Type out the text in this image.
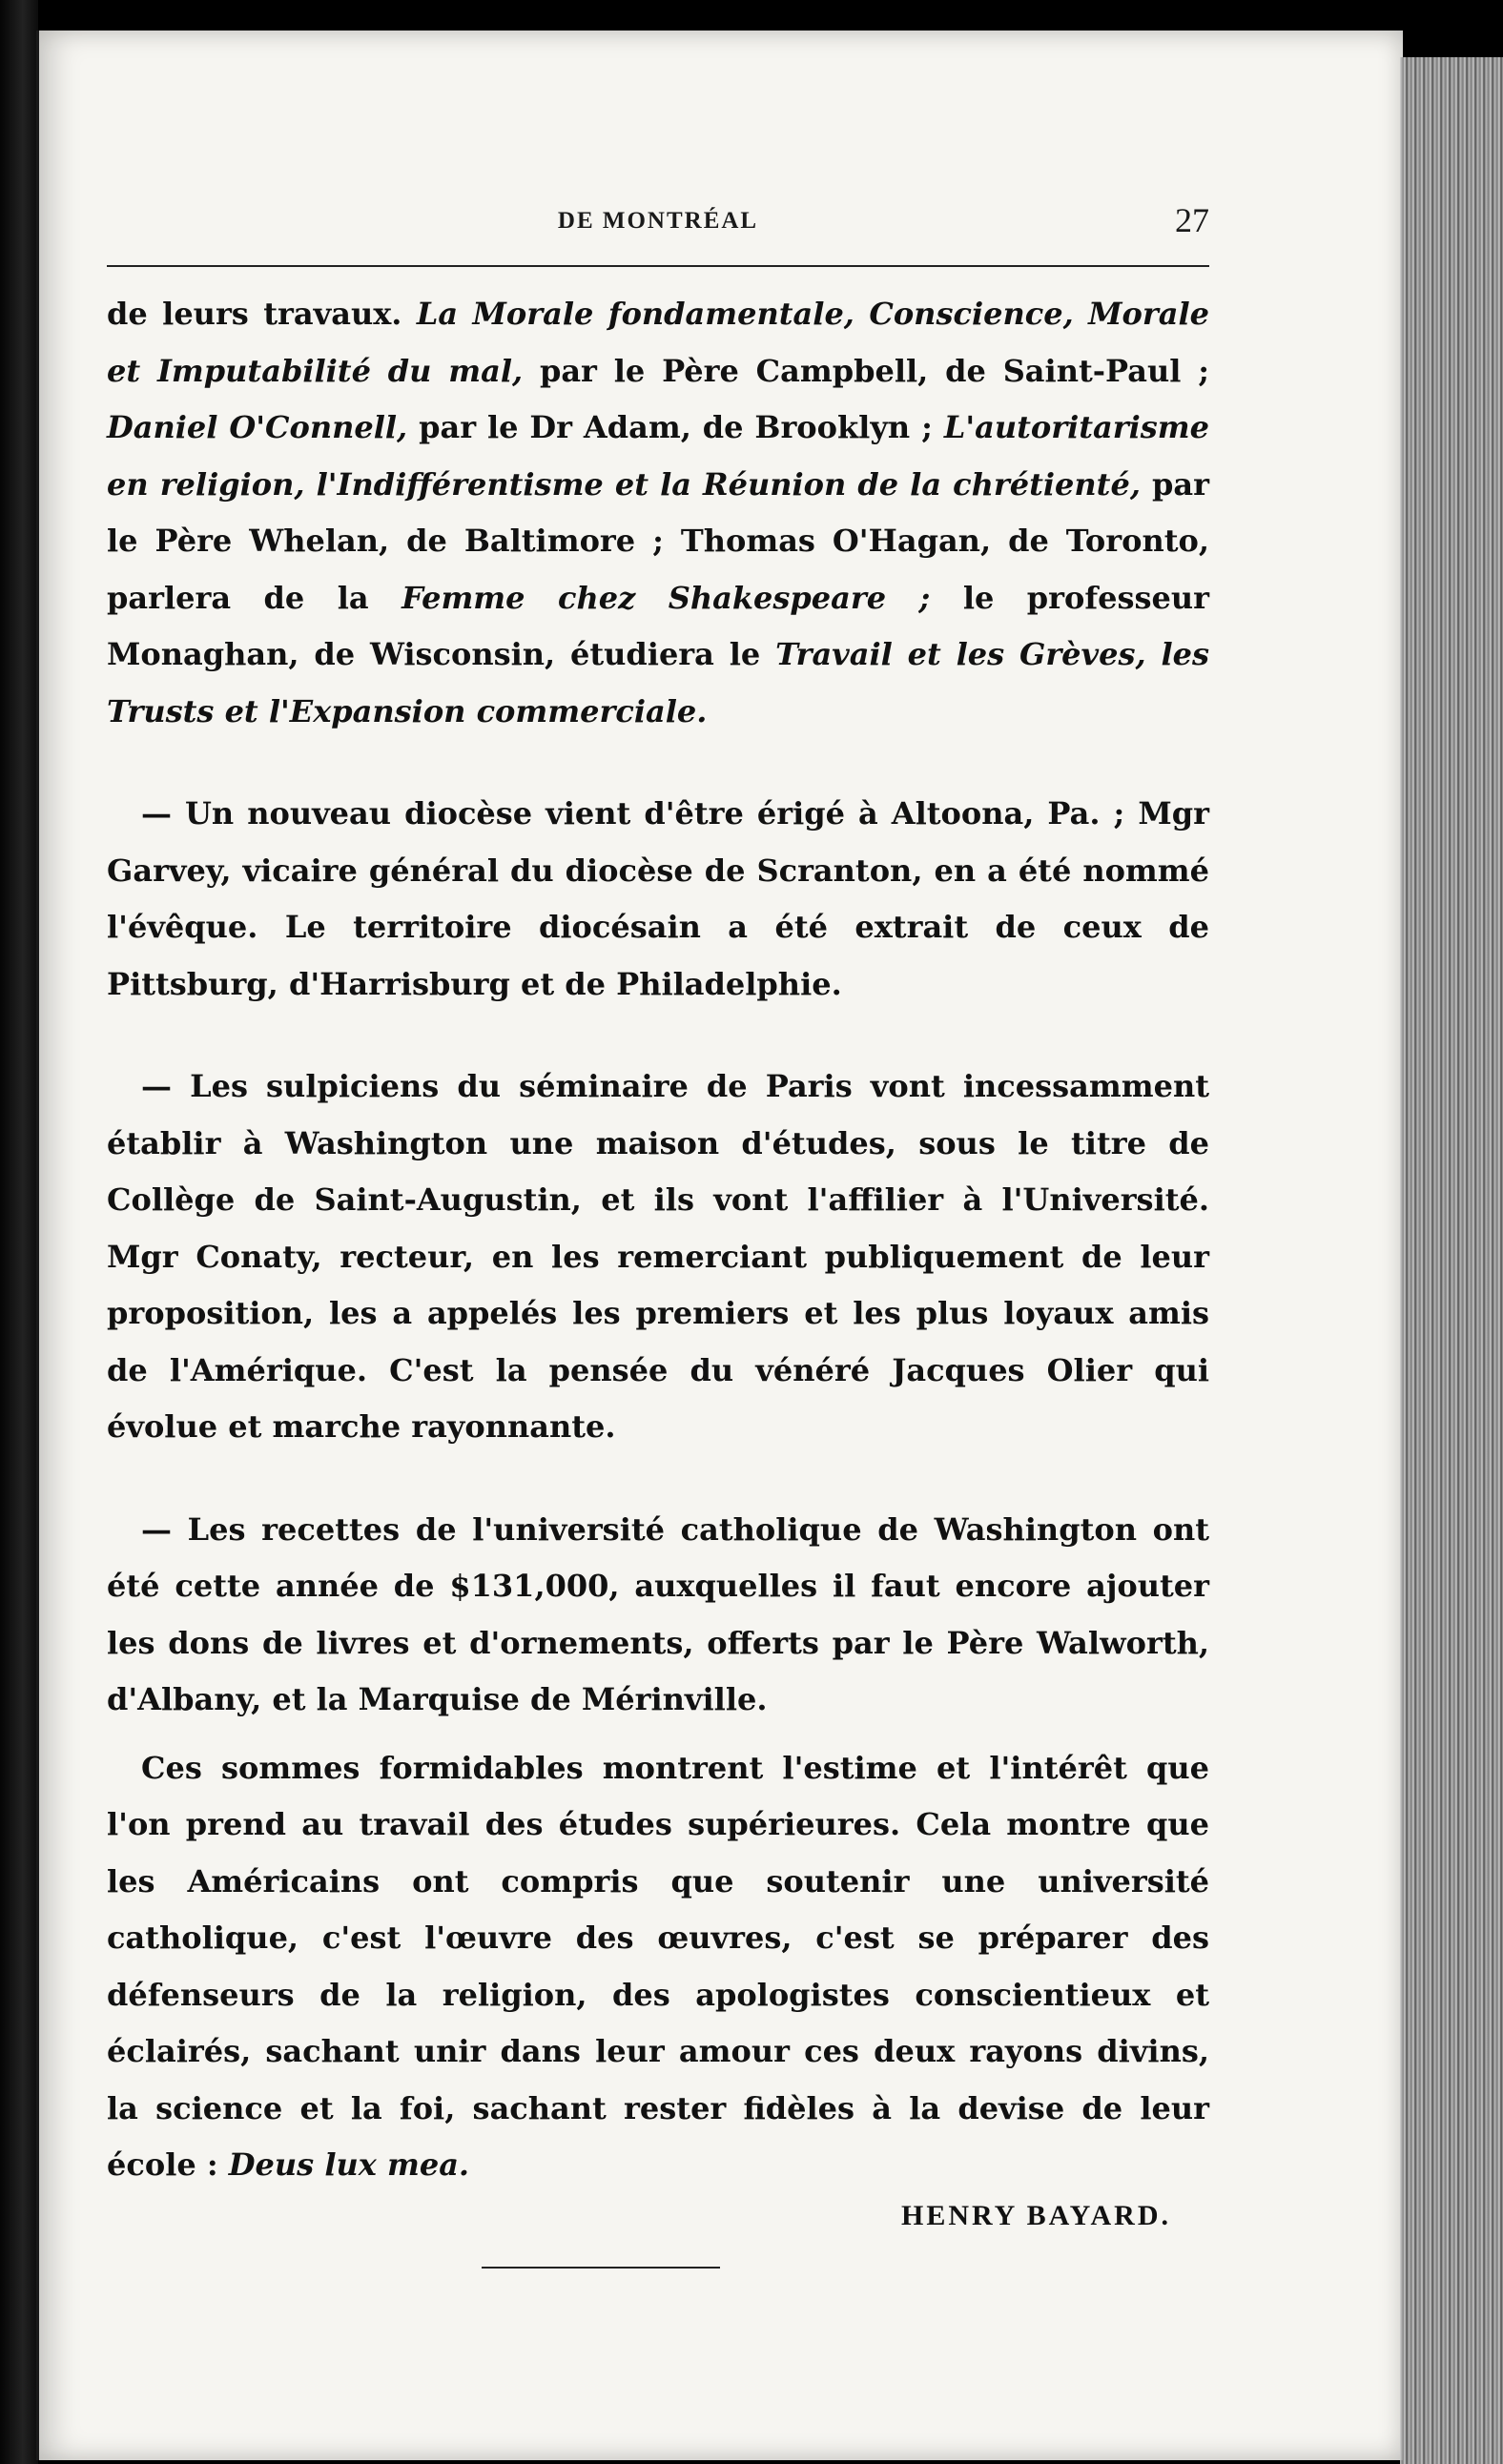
DE MONTRÉAL	27

de leurs travaux. La Morale fondamentale, Conscience, Morale et Imputabilité du mal, par le Père Campbell, de Saint-Paul ; Daniel O'Connell, par le Dr Adam, de Brooklyn ; L'autoritarisme en religion, l'Indifférentisme et la Réunion de la chrétienté, par le Père Whelan, de Baltimore ; Thomas O'Hagan, de Toronto, parlera de la Femme chez Shakespeare ; le professeur Monaghan, de Wisconsin, étudiera le Travail et les Grèves, les Trusts et l'Expansion commerciale.

— Un nouveau diocèse vient d'être érigé à Altoona, Pa. ; Mgr Garvey, vicaire général du diocèse de Scranton, en a été nommé l'évêque. Le territoire diocésain a été extrait de ceux de Pittsburg, d'Harrisburg et de Philadelphie.

— Les sulpiciens du séminaire de Paris vont incessamment établir à Washington une maison d'études, sous le titre de Collège de Saint-Augustin, et ils vont l'affilier à l'Université. Mgr Conaty, recteur, en les remerciant publiquement de leur proposition, les a appelés les premiers et les plus loyaux amis de l'Amérique. C'est la pensée du vénéré Jacques Olier qui évolue et marche rayonnante.

— Les recettes de l'université catholique de Washington ont été cette année de $131,000, auxquelles il faut encore ajouter les dons de livres et d'ornements, offerts par le Père Walworth, d'Albany, et la Marquise de Mérinville.

Ces sommes formidables montrent l'estime et l'intérêt que l'on prend au travail des études supérieures. Cela montre que les Américains ont compris que soutenir une université catholique, c'est l'œuvre des œuvres, c'est se préparer des défenseurs de la religion, des apologistes conscientieux et éclairés, sachant unir dans leur amour ces deux rayons divins, la science et la foi, sachant rester fidèles à la devise de leur école : Deus lux mea.

HENRY BAYARD.
